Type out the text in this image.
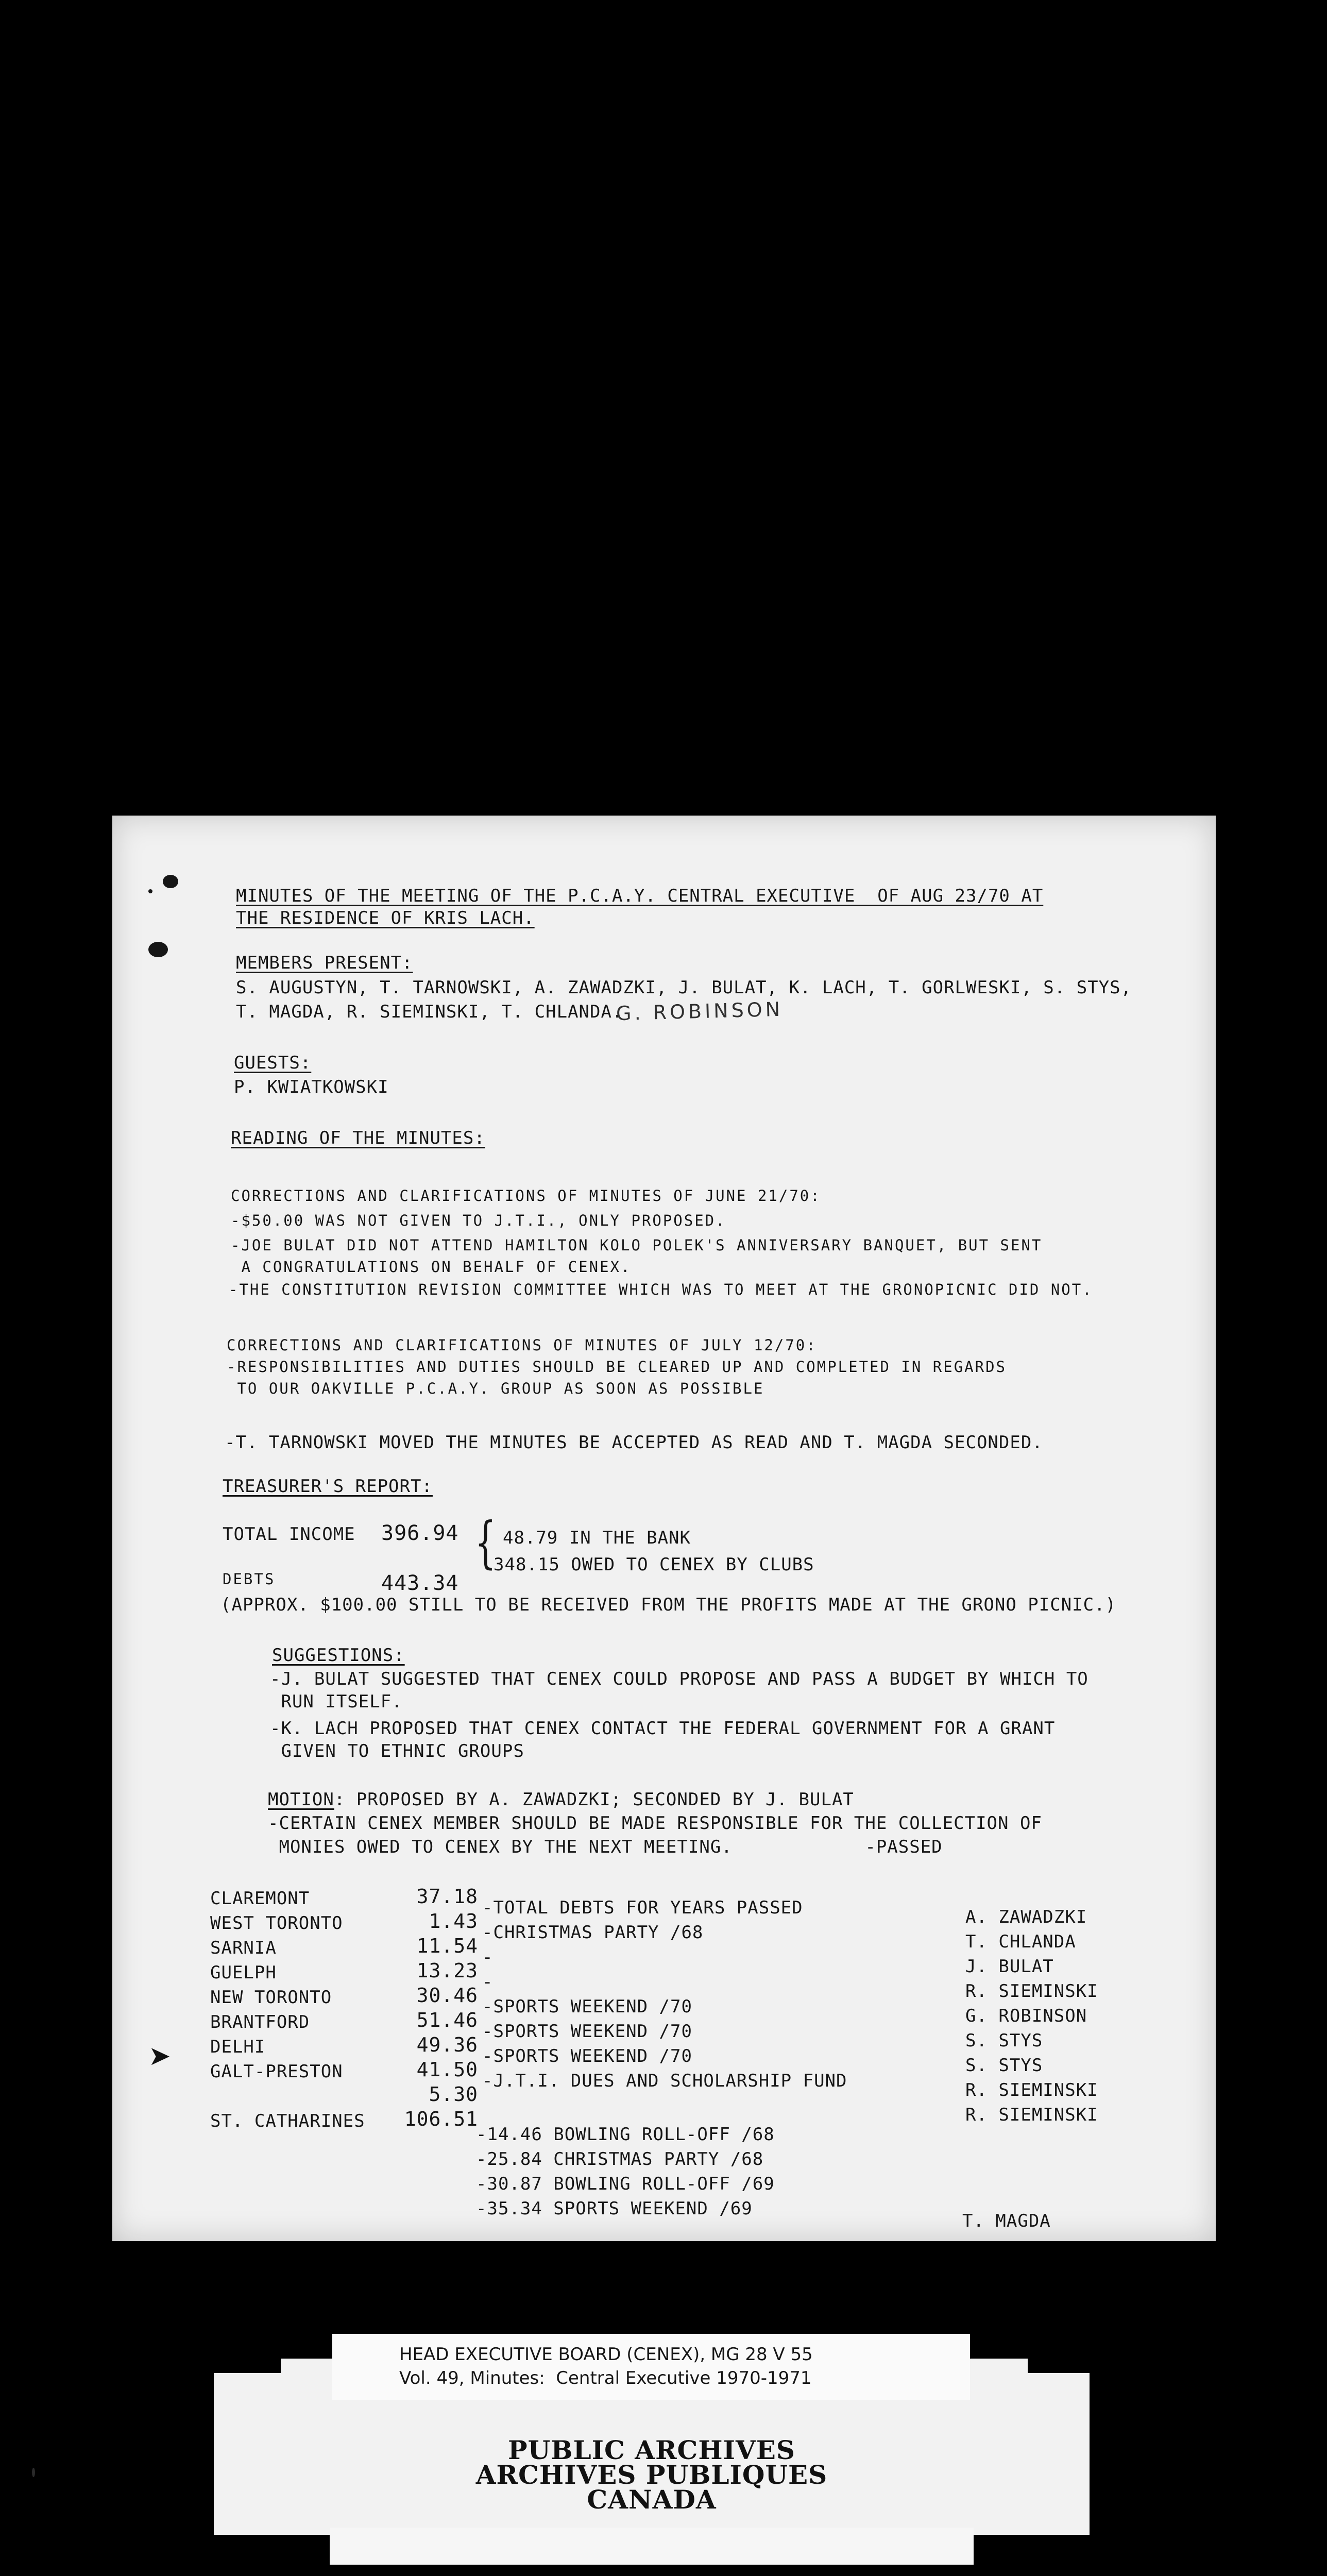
MINUTES OF THE MEETING OF THE P.C.A.Y. CENTRAL EXECUTIVE  OF AUG 23/70 AT

THE RESIDENCE OF KRIS LACH.

MEMBERS PRESENT:

S. AUGUSTYN, T. TARNOWSKI, A. ZAWADZKI, J. BULAT, K. LACH, T. GORLWESKI, S. STYS,

T. MAGDA, R. SIEMINSKI, T. CHLANDA.

G. ROBINSON

GUESTS:

P. KWIATKOWSKI

READING OF THE MINUTES:

CORRECTIONS AND CLARIFICATIONS OF MINUTES OF JUNE 21/70:

-$50.00 WAS NOT GIVEN TO J.T.I., ONLY PROPOSED.

-JOE BULAT DID NOT ATTEND HAMILTON KOLO POLEK'S ANNIVERSARY BANQUET, BUT SENT

A CONGRATULATIONS ON BEHALF OF CENEX.

-THE CONSTITUTION REVISION COMMITTEE WHICH WAS TO MEET AT THE GRONOPICNIC DID NOT.

CORRECTIONS AND CLARIFICATIONS OF MINUTES OF JULY 12/70:

-RESPONSIBILITIES AND DUTIES SHOULD BE CLEARED UP AND COMPLETED IN REGARDS

TO OUR OAKVILLE P.C.A.Y. GROUP AS SOON AS POSSIBLE

-T. TARNOWSKI MOVED THE MINUTES BE ACCEPTED AS READ AND T. MAGDA SECONDED.

TREASURER'S REPORT:

TOTAL INCOME 396.94 { 48.79 IN THE BANK

348.15 OWED TO CENEX BY CLUBS

DEBTS	443.34

(APPROX. $100.00 STILL TO BE RECEIVED FROM THE PROFITS MADE AT THE GRONO PICNIC.)

SUGGESTIONS:

-J. BULAT SUGGESTED THAT CENEX COULD PROPOSE AND PASS A BUDGET BY WHICH TO

RUN ITSELF.

-K. LACH PROPOSED THAT CENEX CONTACT THE FEDERAL GOVERNMENT FOR A GRANT

GIVEN TO ETHNIC GROUPS

MOTION: PROPOSED BY A. ZAWADZKI; SECONDED BY J. BULAT

-CERTAIN CENEX MEMBER SHOULD BE MADE RESPONSIBLE FOR THE COLLECTION OF

MONIES OWED TO CENEX BY THE NEXT MEETING.            -PASSED

CLAREMONT

WEST TORONTO

SARNIA

GUELPH

NEW TORONTO

BRANTFORD

DELHI

GALT-PRESTON

ST. CATHARINES

37.18

1.43

11.54

13.23

30.46

51.46

49.36

41.50

5.30

106.51

-TOTAL DEBTS FOR YEARS PASSED

-CHRISTMAS PARTY /68

-

-

-SPORTS WEEKEND /70

-SPORTS WEEKEND /70

-SPORTS WEEKEND /70

-J.T.I. DUES AND SCHOLARSHIP FUND

-14.46 BOWLING ROLL-OFF /68

-25.84 CHRISTMAS PARTY /68

-30.87 BOWLING ROLL-OFF /69

-35.34 SPORTS WEEKEND /69

A. ZAWADZKI

T. CHLANDA

J. BULAT

R. SIEMINSKI

G. ROBINSON

S. STYS

S. STYS

R. SIEMINSKI

R. SIEMINSKI

T. MAGDA

➤
PUBLIC ARCHIVES
ARCHIVES PUBLIQUES
CANADA
HEAD EXECUTIVE BOARD (CENEX), MG 28 V 55
Vol. 49, Minutes:  Central Executive 1970-1971
